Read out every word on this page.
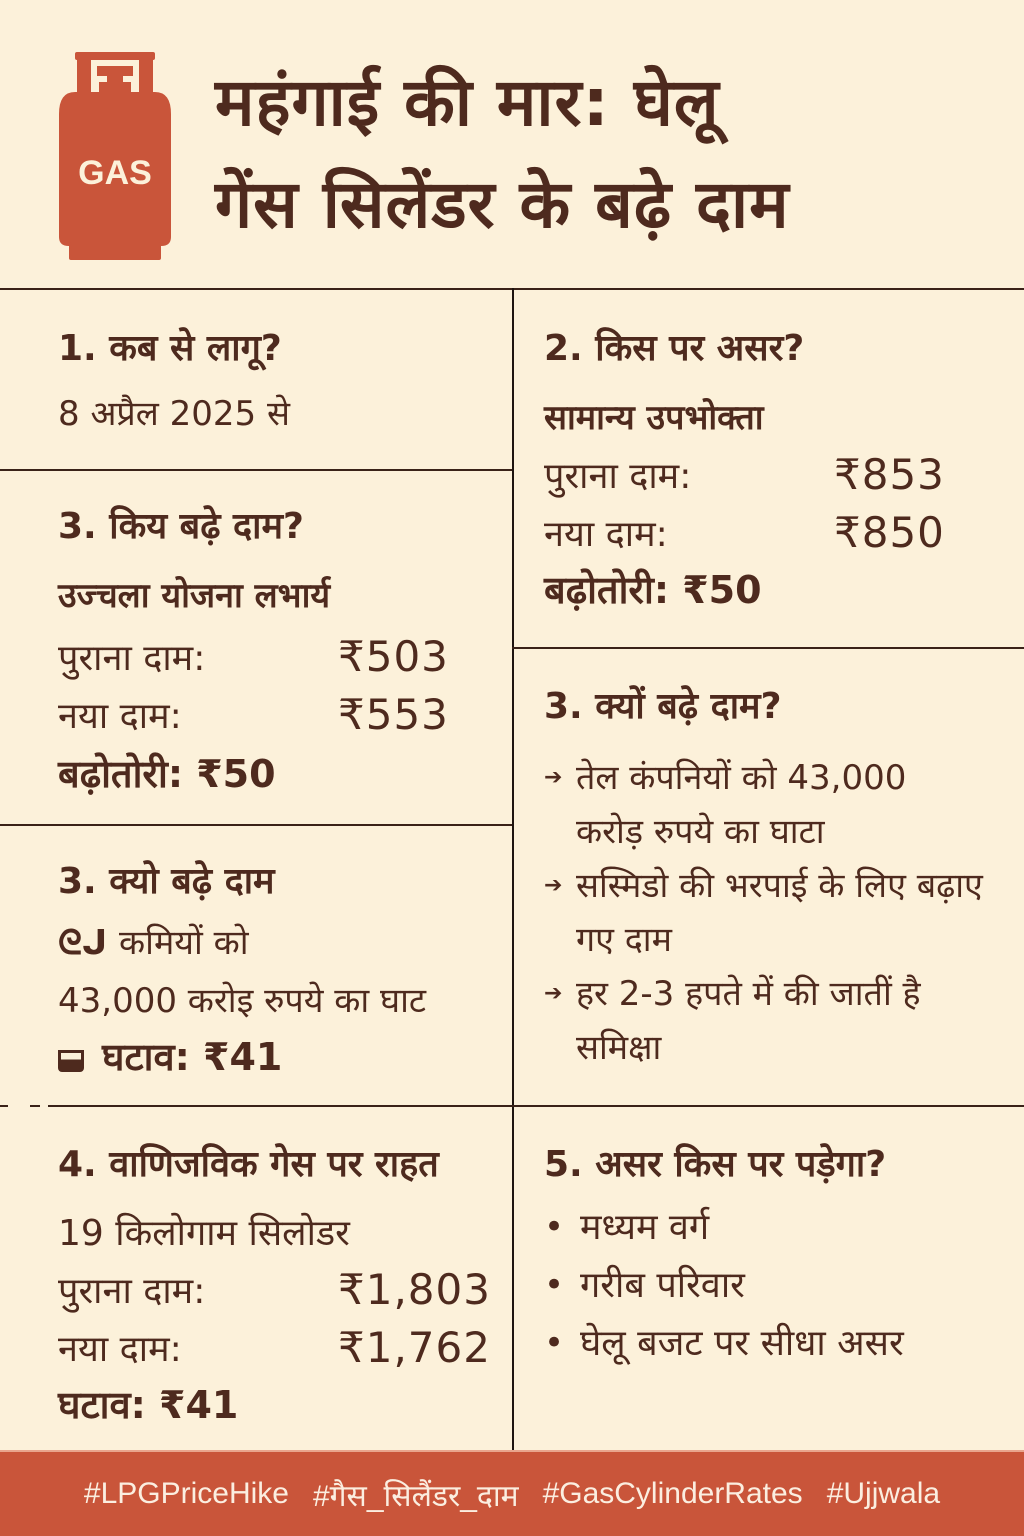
GAS
महंगाई की मार: घेलू
गेंस सिलेंडर के बढ़े दाम
1. कब से लागू?
8 अप्रैल 2025 से
3. किय बढ़े दाम?
उज्चला योजना लभार्य
पुराना दाम:	₹503
नया दाम:	₹553
बढ़ोतोरी: ₹50
3. क्यो बढ़े दाम
ᘓᒍ कमियों को
43,000 करोइ रुपये का घाट
घटाव: ₹41
4. वाणिजविक गेस पर राहत
19 किलोगाम सिलोडर
पुराना दाम:	₹1,803
नया दाम:	₹1,762
घटाव: ₹41
2. किस पर असर?
सामान्य उपभोक्ता
पुराना दाम:	₹853
नया दाम:	₹850
बढ़ोतोरी: ₹50
3. क्यों बढ़े दाम?
➔ तेल कंपनियों को 43,000 करोड़ रुपये का घाटा
➔ सस्मिडो की भरपाई के लिए बढ़ाए गए दाम
➔ हर 2-3 हपते में की जातीं है समिक्षा
5. असर किस पर पड़ेगा?
• मध्यम वर्ग
• गरीब परिवार
• घेलू बजट पर सीधा असर
#LPGPriceHike #गैस_सिलैंडर_दाम #GasCylinderRates #Ujjwala
